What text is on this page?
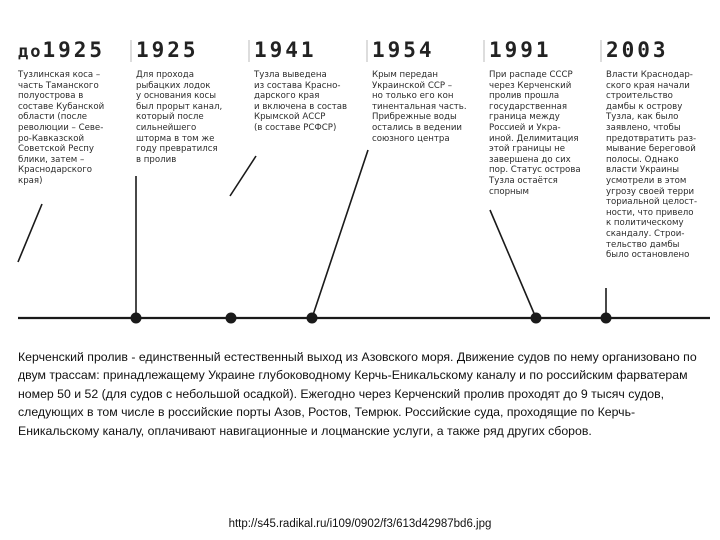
до1925
Тузлинская коса –
часть Таманского
полуострова в
составе Кубанской
области (после
революции – Севе-
ро-Кавказской
Советской Респу
блики, затем –
Краснодарского
края)
1925
Для прохода
рыбацких лодок
у основания косы
был прорыт канал,
который после
сильнейшего
шторма в том же
году превратился
в пролив
1941
Тузла выведена
из состава Красно-
дарского края
и включена в состав
Крымской АССР
(в составе РСФСР)
1954
Крым передан
Украинской ССР –
но только его кон
тинентальная часть.
Прибрежные воды
остались в ведении
союзного центра
1991
При распаде СССР
через Керченский
пролив прошла
государственная
граница между
Россией и Укра-
иной. Делимитация
этой границы не
завершена до сих
пор. Статус острова
Тузла остаётся
спорным
2003
Власти Краснодар-
ского края начали
строительство
дамбы к острову
Тузла, как было
заявлено, чтобы
предотвратить раз-
мывание береговой
полосы. Однако
власти Украины
усмотрели в этом
угрозу своей терри
ториальной целост-
ности, что привело
к политическому
скандалу. Строи-
тельство дамбы
было остановлено
Керченский пролив - единственный естественный выход из Азовского моря. Движение судов по нему организовано по двум трассам: принадлежащему Украине глубоководному Керчь-Еникальскому каналу и по российским фарватерам номер 50 и 52 (для судов с небольшой осадкой). Ежегодно через Керченский пролив проходят до 9 тысяч судов, следующих в том числе в российские порты Азов, Ростов, Темрюк. Российские суда, проходящие по Керчь-Еникальскому каналу, оплачивают навигационные и лоцманские услуги, а также ряд других сборов.
http://s45.radikal.ru/i109/0902/f3/613d42987bd6.jpg
